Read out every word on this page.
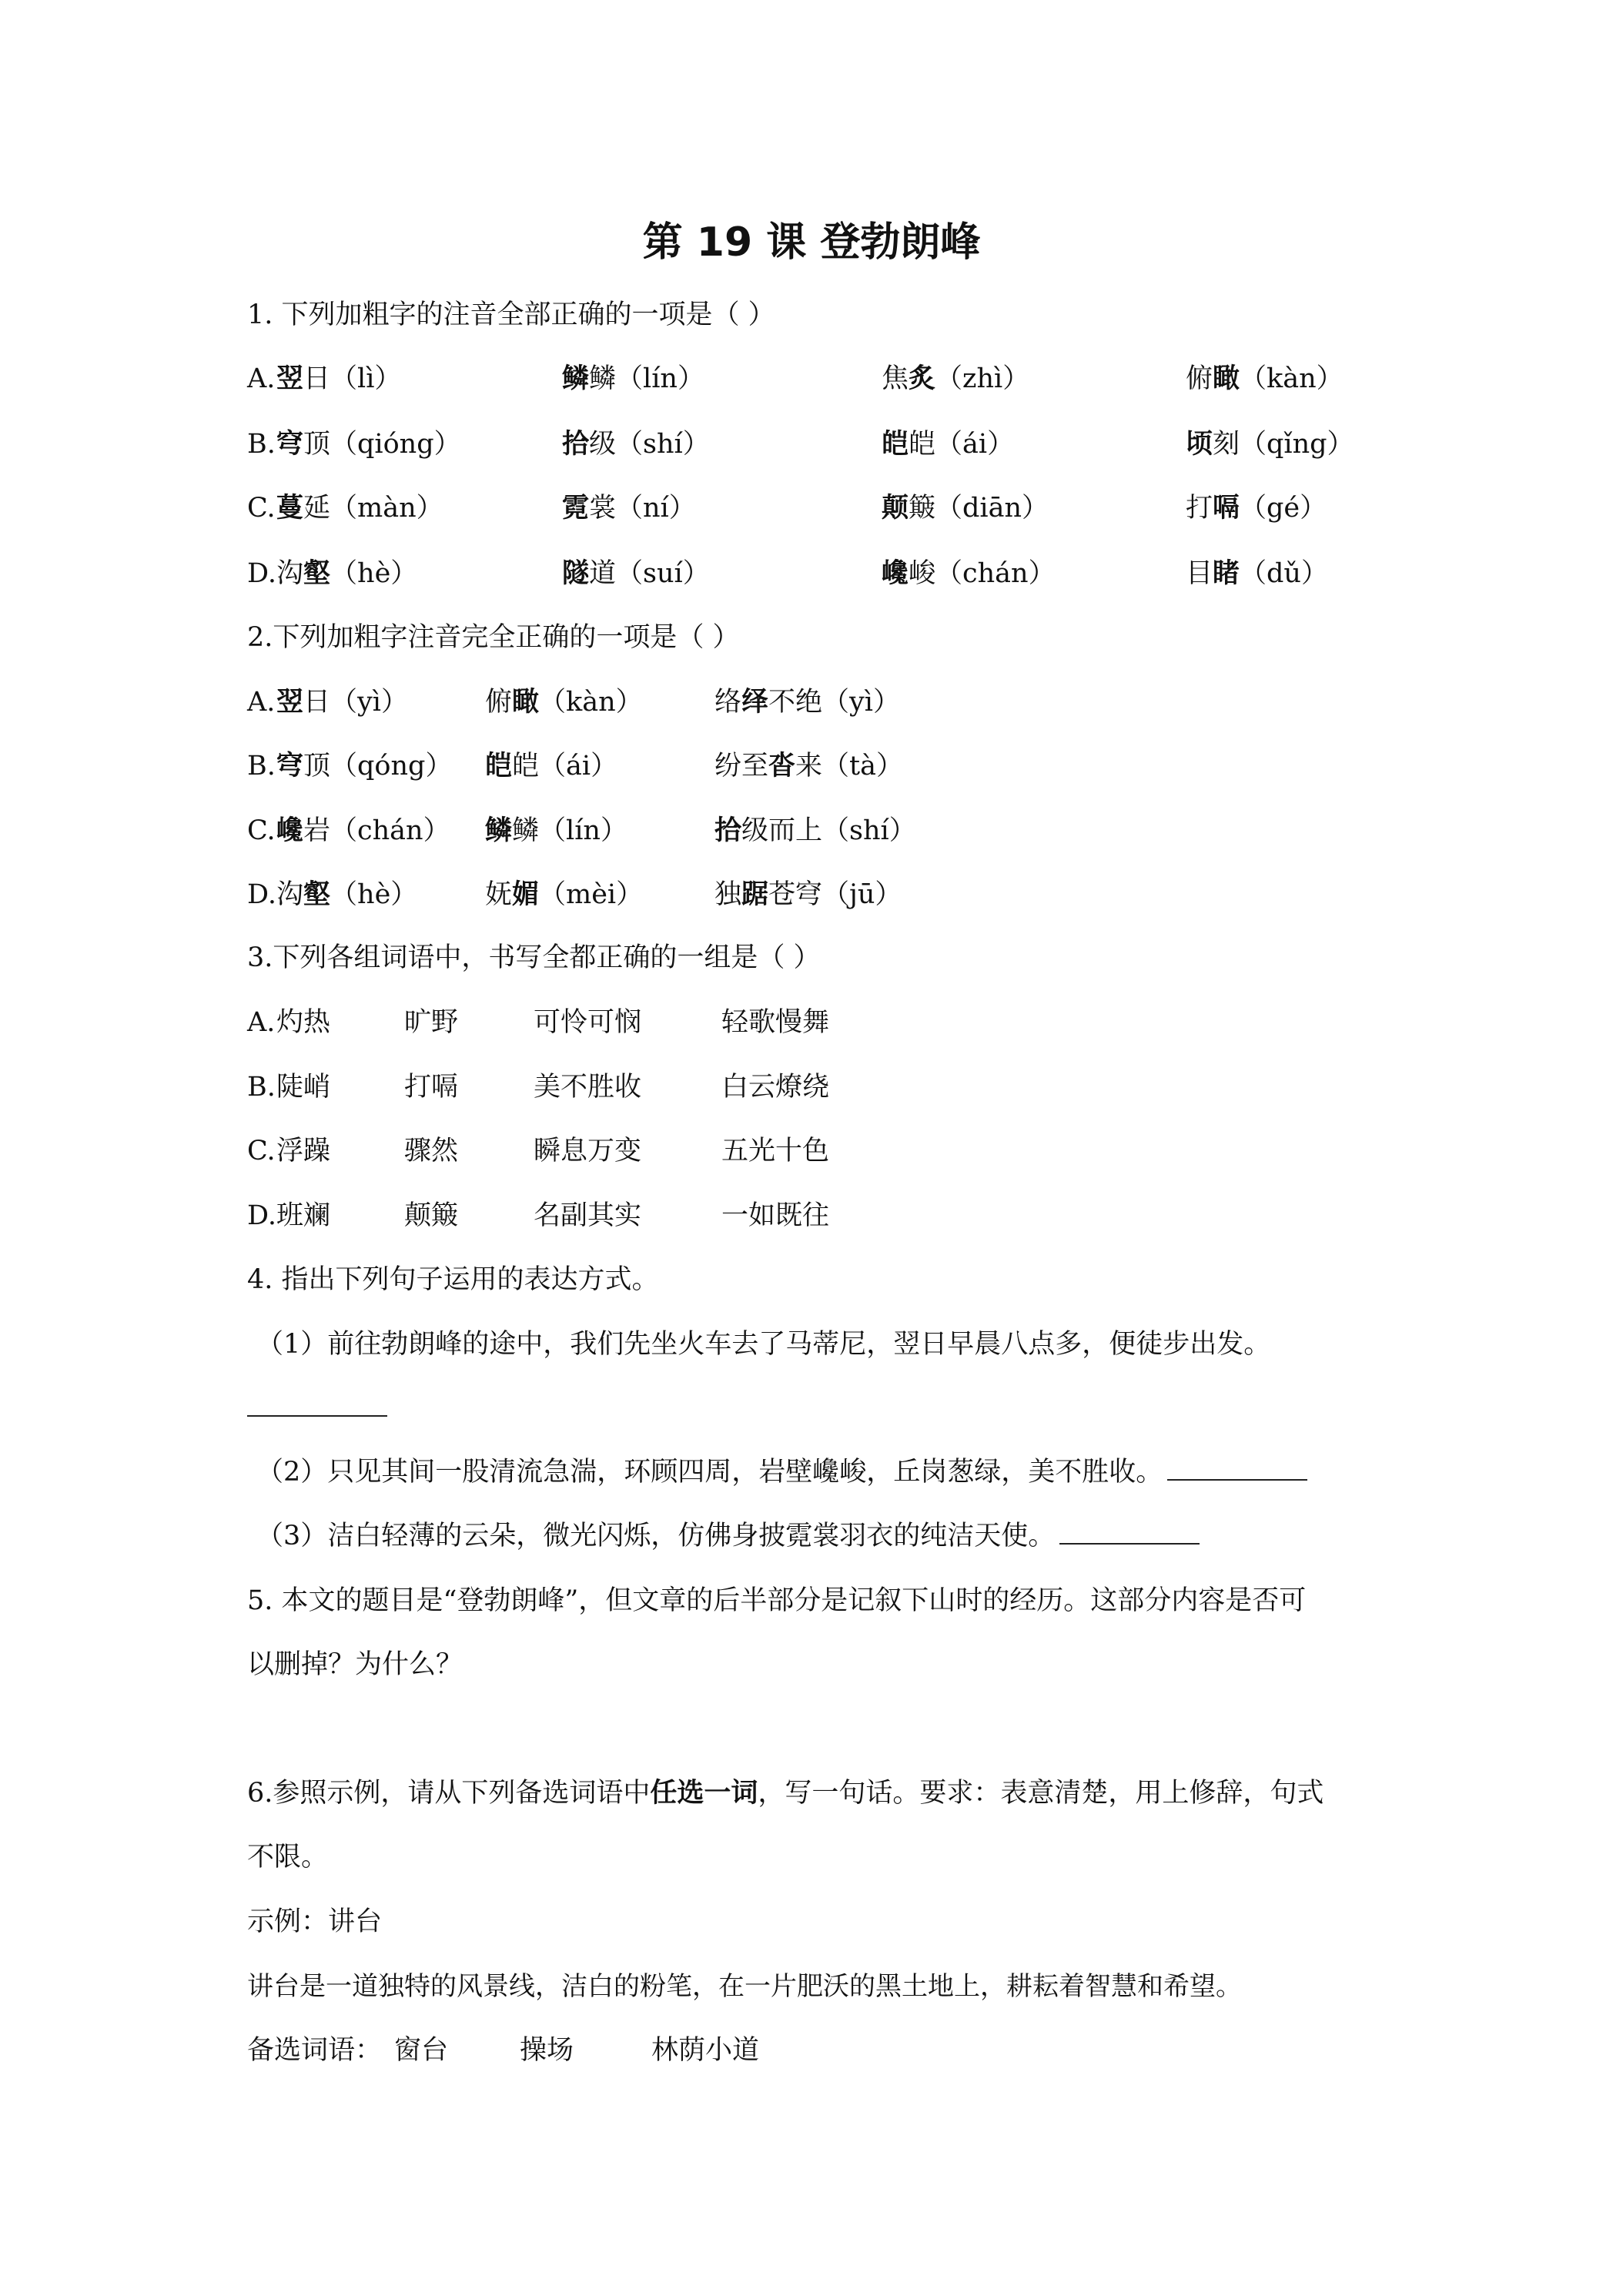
第 19 课 登勃朗峰
1. 下列加粗字的注音全部正确的一项是（ ）
A. 翌日（lì）	鳞鳞（lín）	焦炙（zhì）	俯瞰（kàn）
B. 穹顶（qióng）	拾级（shí）	皑皑（ái）	顷刻（qǐng）
C. 蔓延（màn）	霓裳（ní）	颠簸（diān）	打嗝（gé）
D. 沟壑（hè）	隧道（suí）	巉峻（chán）	目睹（dǔ）
2.下列加粗字注音完全正确的一项是（ ）
A. 翌日（yì）	俯瞰（kàn）	络绎不绝（yì）
B. 穹顶（qóng） 皑皑（ái）	纷至沓来（tà）
C. 巉岩（chán） 鳞鳞（lín）	拾级而上（shí）
D. 沟壑（hè）	妩媚（mèi）	独踞苍穹（jū）
3.下列各组词语中，书写全都正确的一组是（ ）
A. 灼热	旷野	可怜可悯	轻歌慢舞
B. 陡峭	打嗝	美不胜收	白云燎绕
C. 浮躁	骤然	瞬息万变	五光十色
D. 班斓	颠簸	名副其实	一如既往
4. 指出下列句子运用的表达方式。
（1）前往勃朗峰的途中，我们先坐火车去了马蒂尼，翌日早晨八点多，便徒步出发。
（2）只见其间一股清流急湍，环顾四周，岩壁巉峻，丘岗葱绿，美不胜收。
（3）洁白轻薄的云朵，微光闪烁，仿佛身披霓裳羽衣的纯洁天使。
5. 本文的题目是“登勃朗峰”，但文章的后半部分是记叙下山时的经历。这部分内容是否可
以删掉？为什么？
6.参照示例，请从下列备选词语中任选一词，写一句话。要求：表意清楚，用上修辞，句式
不限。
示例：讲台
讲台是一道独特的风景线，洁白的粉笔，在一片肥沃的黑土地上，耕耘着智慧和希望。
备选词语： 窗台	操场	林荫小道
